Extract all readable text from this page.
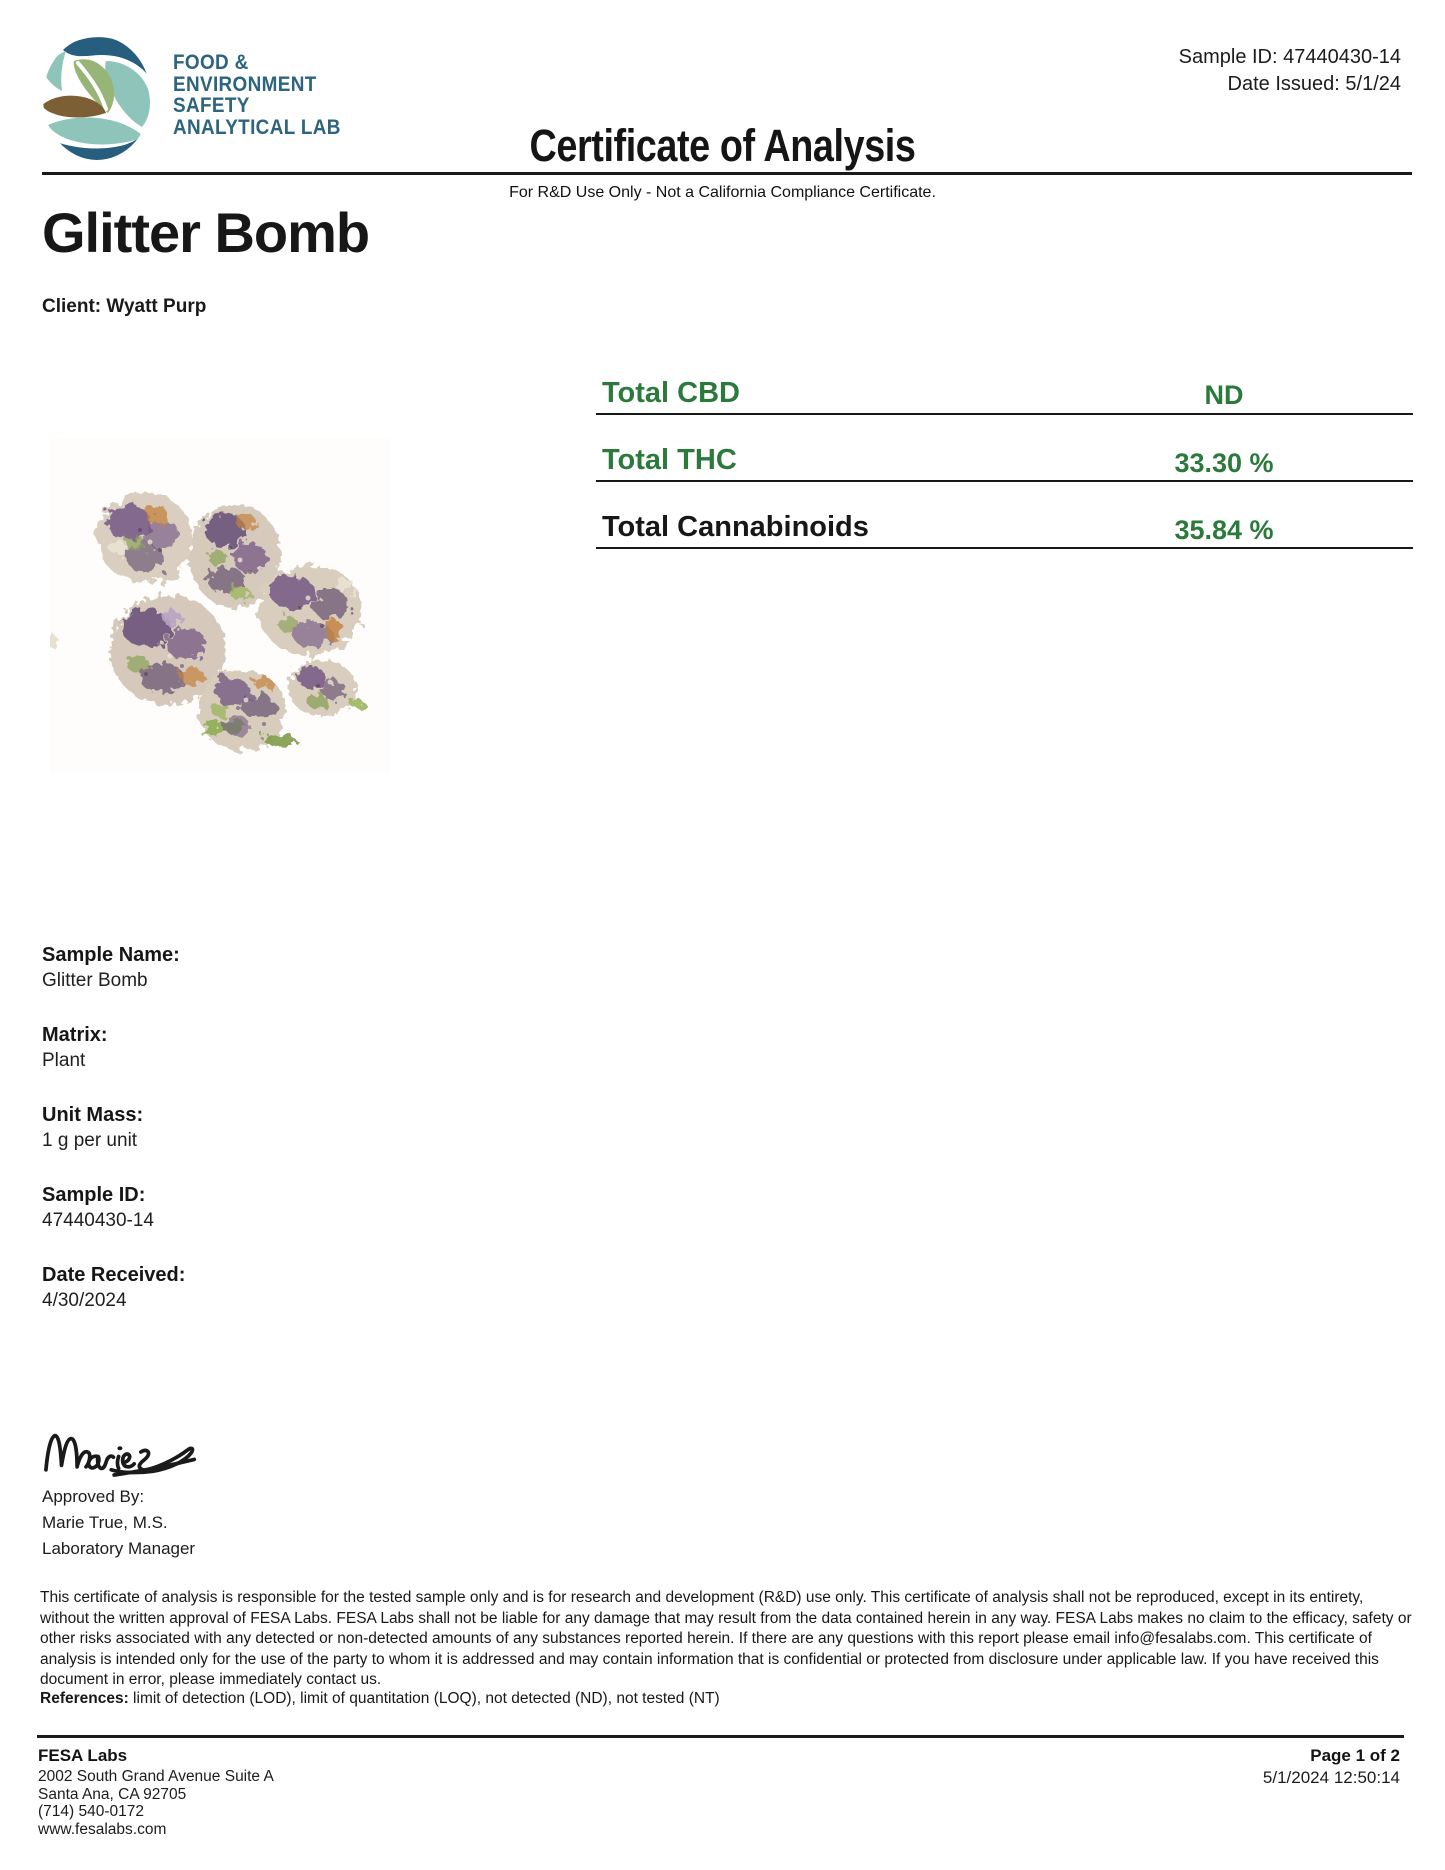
FOOD &
ENVIRONMENT
SAFETY
ANALYTICAL LAB
Sample ID: 47440430-14
Date Issued: 5/1/24
Certificate of Analysis
For R&D Use Only - Not a California Compliance Certificate.
Glitter Bomb
Client: Wyatt Purp
Total CBD	ND
Total THC	33.30 %
Total Cannabinoids	35.84 %
Sample Name:
Glitter Bomb
Matrix:
Plant
Unit Mass:
1 g per unit
Sample ID:
47440430-14
Date Received:
4/30/2024
Approved By:
Marie True, M.S.
Laboratory Manager
This certificate of analysis is responsible for the tested sample only and is for research and development (R&D) use only. This certificate of analysis shall not be reproduced, except in its entirety, without the written approval of FESA Labs. FESA Labs shall not be liable for any damage that may result from the data contained herein in any way. FESA Labs makes no claim to the efficacy, safety or other risks associated with any detected or non-detected amounts of any substances reported herein. If there are any questions with this report please email info@fesalabs.com. This certificate of analysis is intended only for the use of the party to whom it is addressed and may contain information that is confidential or protected from disclosure under applicable law. If you have received this document in error, please immediately contact us.
References: limit of detection (LOD), limit of quantitation (LOQ), not detected (ND), not tested (NT)
FESA Labs
2002 South Grand Avenue Suite A
Santa Ana, CA 92705
(714) 540-0172
www.fesalabs.com
Page 1 of 2
5/1/2024 12:50:14
